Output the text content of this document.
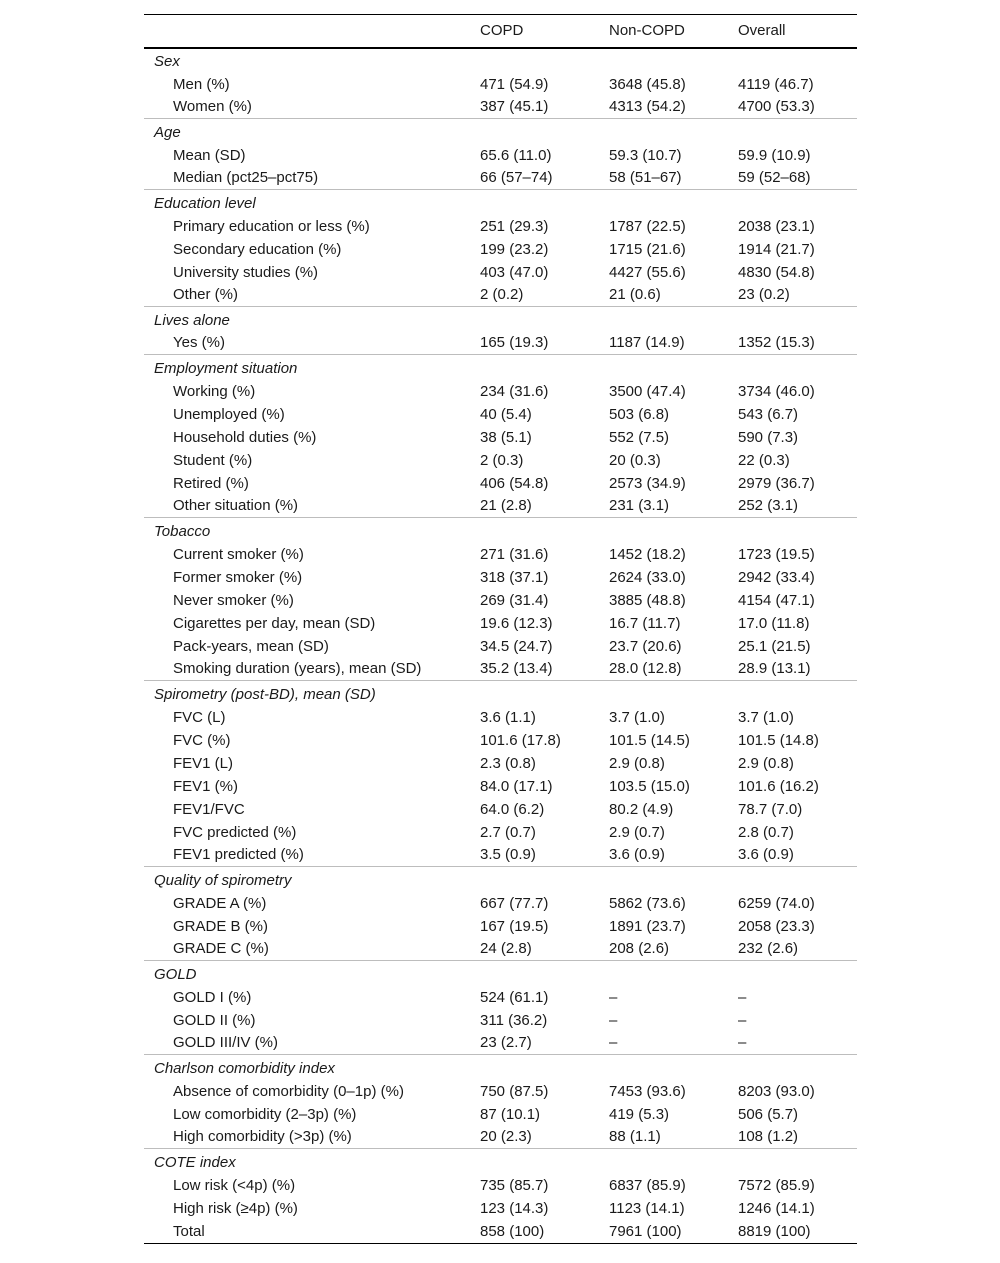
	COPD	Non-COPD	Overall
Sex			
Men (%)	471 (54.9)	3648 (45.8)	4119 (46.7)
Women (%)	387 (45.1)	4313 (54.2)	4700 (53.3)
Age			
Mean (SD)	65.6 (11.0)	59.3 (10.7)	59.9 (10.9)
Median (pct25–pct75)	66 (57–74)	58 (51–67)	59 (52–68)
Education level			
Primary education or less (%)	251 (29.3)	1787 (22.5)	2038 (23.1)
Secondary education (%)	199 (23.2)	1715 (21.6)	1914 (21.7)
University studies (%)	403 (47.0)	4427 (55.6)	4830 (54.8)
Other (%)	2 (0.2)	21 (0.6)	23 (0.2)
Lives alone			
Yes (%)	165 (19.3)	1187 (14.9)	1352 (15.3)
Employment situation			
Working (%)	234 (31.6)	3500 (47.4)	3734 (46.0)
Unemployed (%)	40 (5.4)	503 (6.8)	543 (6.7)
Household duties (%)	38 (5.1)	552 (7.5)	590 (7.3)
Student (%)	2 (0.3)	20 (0.3)	22 (0.3)
Retired (%)	406 (54.8)	2573 (34.9)	2979 (36.7)
Other situation (%)	21 (2.8)	231 (3.1)	252 (3.1)
Tobacco			
Current smoker (%)	271 (31.6)	1452 (18.2)	1723 (19.5)
Former smoker (%)	318 (37.1)	2624 (33.0)	2942 (33.4)
Never smoker (%)	269 (31.4)	3885 (48.8)	4154 (47.1)
Cigarettes per day, mean (SD)	19.6 (12.3)	16.7 (11.7)	17.0 (11.8)
Pack-years, mean (SD)	34.5 (24.7)	23.7 (20.6)	25.1 (21.5)
Smoking duration (years), mean (SD)	35.2 (13.4)	28.0 (12.8)	28.9 (13.1)
Spirometry (post-BD), mean (SD)			
FVC (L)	3.6 (1.1)	3.7 (1.0)	3.7 (1.0)
FVC (%)	101.6 (17.8)	101.5 (14.5)	101.5 (14.8)
FEV1 (L)	2.3 (0.8)	2.9 (0.8)	2.9 (0.8)
FEV1 (%)	84.0 (17.1)	103.5 (15.0)	101.6 (16.2)
FEV1/FVC	64.0 (6.2)	80.2 (4.9)	78.7 (7.0)
FVC predicted (%)	2.7 (0.7)	2.9 (0.7)	2.8 (0.7)
FEV1 predicted (%)	3.5 (0.9)	3.6 (0.9)	3.6 (0.9)
Quality of spirometry			
GRADE A (%)	667 (77.7)	5862 (73.6)	6259 (74.0)
GRADE B (%)	167 (19.5)	1891 (23.7)	2058 (23.3)
GRADE C (%)	24 (2.8)	208 (2.6)	232 (2.6)
GOLD			
GOLD I (%)	524 (61.1)	–	–
GOLD II (%)	311 (36.2)	–	–
GOLD III/IV (%)	23 (2.7)	–	–
Charlson comorbidity index			
Absence of comorbidity (0–1p) (%)	750 (87.5)	7453 (93.6)	8203 (93.0)
Low comorbidity (2–3p) (%)	87 (10.1)	419 (5.3)	506 (5.7)
High comorbidity (>3p) (%)	20 (2.3)	88 (1.1)	108 (1.2)
COTE index			
Low risk (<4p) (%)	735 (85.7)	6837 (85.9)	7572 (85.9)
High risk (≥4p) (%)	123 (14.3)	1123 (14.1)	1246 (14.1)
Total	858 (100)	7961 (100)	8819 (100)
